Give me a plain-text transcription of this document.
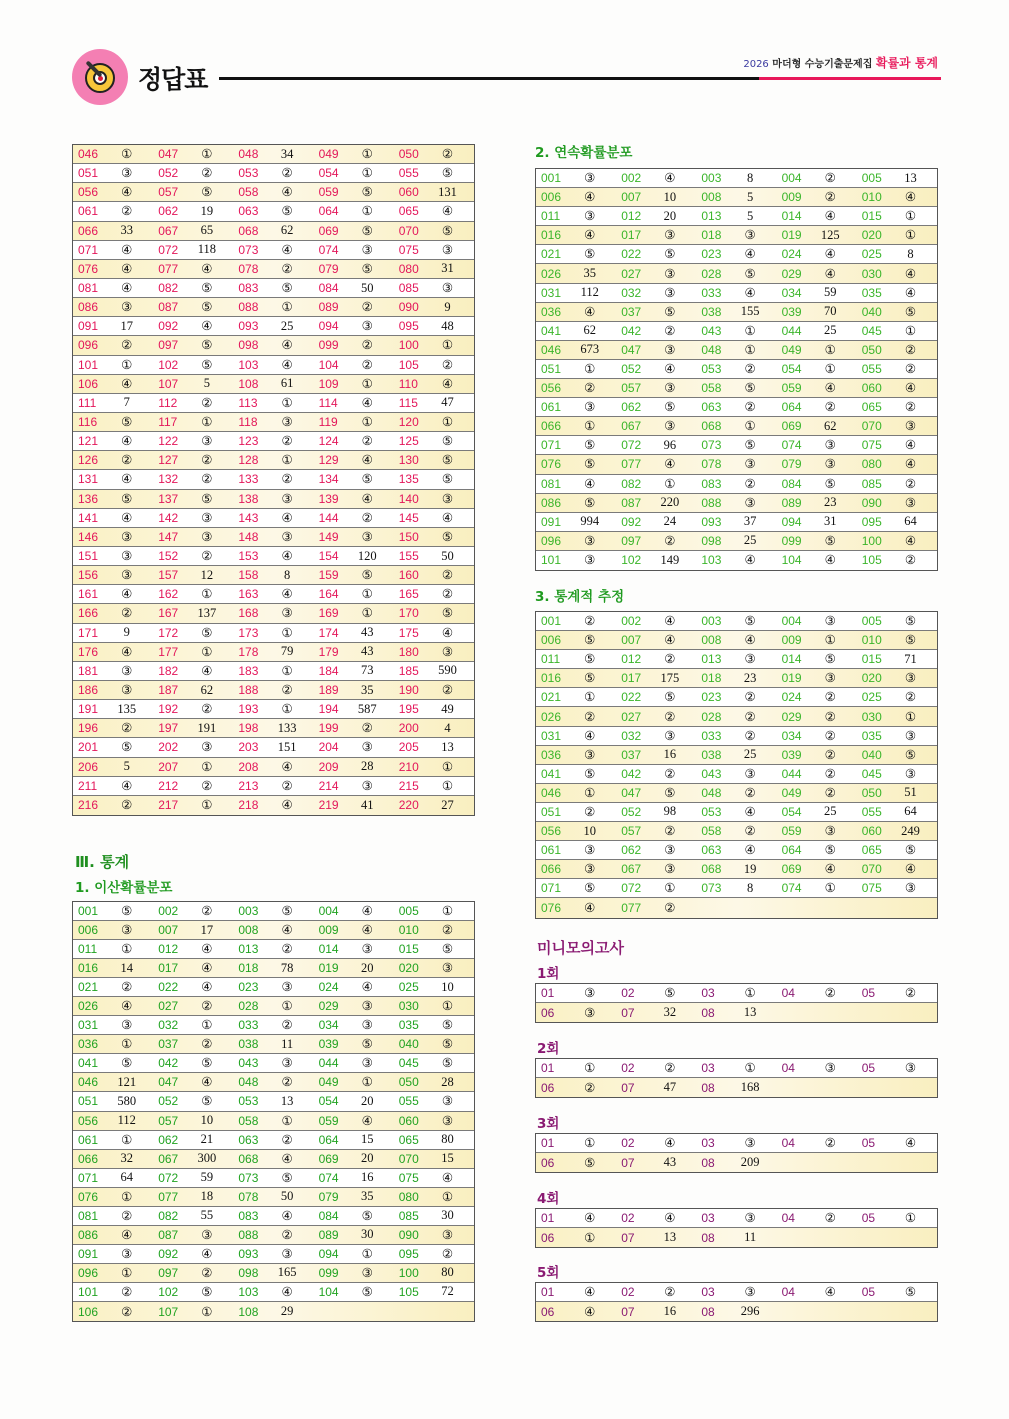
정답표
2026 마더형 수능기출문제집 확률과 통계
046	①	047	①	048	34	049	①	050	②
051	③	052	②	053	②	054	①	055	⑤
056	④	057	⑤	058	④	059	⑤	060	131
061	②	062	19	063	⑤	064	①	065	④
066	33	067	65	068	62	069	⑤	070	⑤
071	④	072	118	073	④	074	③	075	③
076	④	077	④	078	②	079	⑤	080	31
081	④	082	⑤	083	⑤	084	50	085	③
086	③	087	⑤	088	①	089	②	090	9
091	17	092	④	093	25	094	③	095	48
096	②	097	⑤	098	④	099	②	100	①
101	①	102	⑤	103	④	104	②	105	②
106	④	107	5	108	61	109	①	110	④
111	7	112	②	113	①	114	④	115	47
116	⑤	117	①	118	③	119	①	120	①
121	④	122	③	123	②	124	②	125	⑤
126	②	127	②	128	①	129	④	130	⑤
131	④	132	②	133	②	134	⑤	135	⑤
136	⑤	137	⑤	138	③	139	④	140	③
141	④	142	③	143	④	144	②	145	④
146	③	147	③	148	③	149	③	150	⑤
151	③	152	②	153	④	154	120	155	50
156	③	157	12	158	8	159	⑤	160	②
161	④	162	①	163	④	164	①	165	②
166	②	167	137	168	③	169	①	170	⑤
171	9	172	⑤	173	①	174	43	175	④
176	④	177	①	178	79	179	43	180	③
181	③	182	④	183	①	184	73	185	590
186	③	187	62	188	②	189	35	190	②
191	135	192	②	193	①	194	587	195	49
196	②	197	191	198	133	199	②	200	4
201	⑤	202	③	203	151	204	③	205	13
206	5	207	①	208	④	209	28	210	①
211	④	212	②	213	②	214	③	215	①
216	②	217	①	218	④	219	41	220	27
Ⅲ. 통계
1. 이산확률분포
001	⑤	002	②	003	⑤	004	④	005	①
006	③	007	17	008	④	009	④	010	②
011	①	012	④	013	②	014	③	015	⑤
016	14	017	④	018	78	019	20	020	③
021	②	022	④	023	③	024	④	025	10
026	④	027	②	028	①	029	③	030	①
031	③	032	①	033	②	034	③	035	⑤
036	①	037	②	038	11	039	⑤	040	⑤
041	⑤	042	⑤	043	③	044	③	045	⑤
046	121	047	④	048	②	049	①	050	28
051	580	052	⑤	053	13	054	20	055	③
056	112	057	10	058	①	059	④	060	③
061	①	062	21	063	②	064	15	065	80
066	32	067	300	068	④	069	20	070	15
071	64	072	59	073	⑤	074	16	075	④
076	①	077	18	078	50	079	35	080	①
081	②	082	55	083	④	084	⑤	085	30
086	④	087	③	088	②	089	30	090	③
091	③	092	④	093	③	094	①	095	②
096	①	097	②	098	165	099	③	100	80
101	②	102	⑤	103	④	104	⑤	105	72
106	②	107	①	108	29
2. 연속확률분포
001	③	002	④	003	8	004	②	005	13
006	④	007	10	008	5	009	②	010	④
011	③	012	20	013	5	014	④	015	①
016	④	017	③	018	③	019	125	020	①
021	⑤	022	⑤	023	④	024	④	025	8
026	35	027	③	028	⑤	029	④	030	④
031	112	032	③	033	④	034	59	035	④
036	④	037	⑤	038	155	039	70	040	⑤
041	62	042	②	043	①	044	25	045	①
046	673	047	③	048	①	049	①	050	②
051	①	052	④	053	②	054	①	055	②
056	②	057	③	058	⑤	059	④	060	④
061	③	062	⑤	063	②	064	②	065	②
066	①	067	③	068	①	069	62	070	③
071	⑤	072	96	073	⑤	074	③	075	④
076	⑤	077	④	078	③	079	③	080	④
081	④	082	①	083	②	084	⑤	085	②
086	⑤	087	220	088	③	089	23	090	③
091	994	092	24	093	37	094	31	095	64
096	③	097	②	098	25	099	⑤	100	④
101	③	102	149	103	④	104	④	105	②
3. 통계적 추정
001	②	002	④	003	⑤	004	③	005	⑤
006	⑤	007	④	008	④	009	①	010	⑤
011	⑤	012	②	013	③	014	⑤	015	71
016	⑤	017	175	018	23	019	③	020	③
021	①	022	⑤	023	②	024	②	025	②
026	②	027	②	028	②	029	②	030	①
031	④	032	③	033	②	034	②	035	③
036	③	037	16	038	25	039	②	040	⑤
041	⑤	042	②	043	③	044	②	045	③
046	①	047	⑤	048	②	049	②	050	51
051	②	052	98	053	④	054	25	055	64
056	10	057	②	058	②	059	③	060	249
061	③	062	③	063	④	064	⑤	065	⑤
066	③	067	③	068	19	069	④	070	④
071	⑤	072	①	073	8	074	①	075	③
076	④	077	②
미니모의고사
1회
01	③	02	⑤	03	①	04	②	05	②
06	③	07	32	08	13
2회
01	①	02	②	03	①	04	③	05	③
06	②	07	47	08	168
3회
01	①	02	④	03	③	04	②	05	④
06	⑤	07	43	08	209
4회
01	④	02	④	03	③	04	②	05	①
06	①	07	13	08	11
5회
01	④	02	②	03	③	04	④	05	⑤
06	④	07	16	08	296
